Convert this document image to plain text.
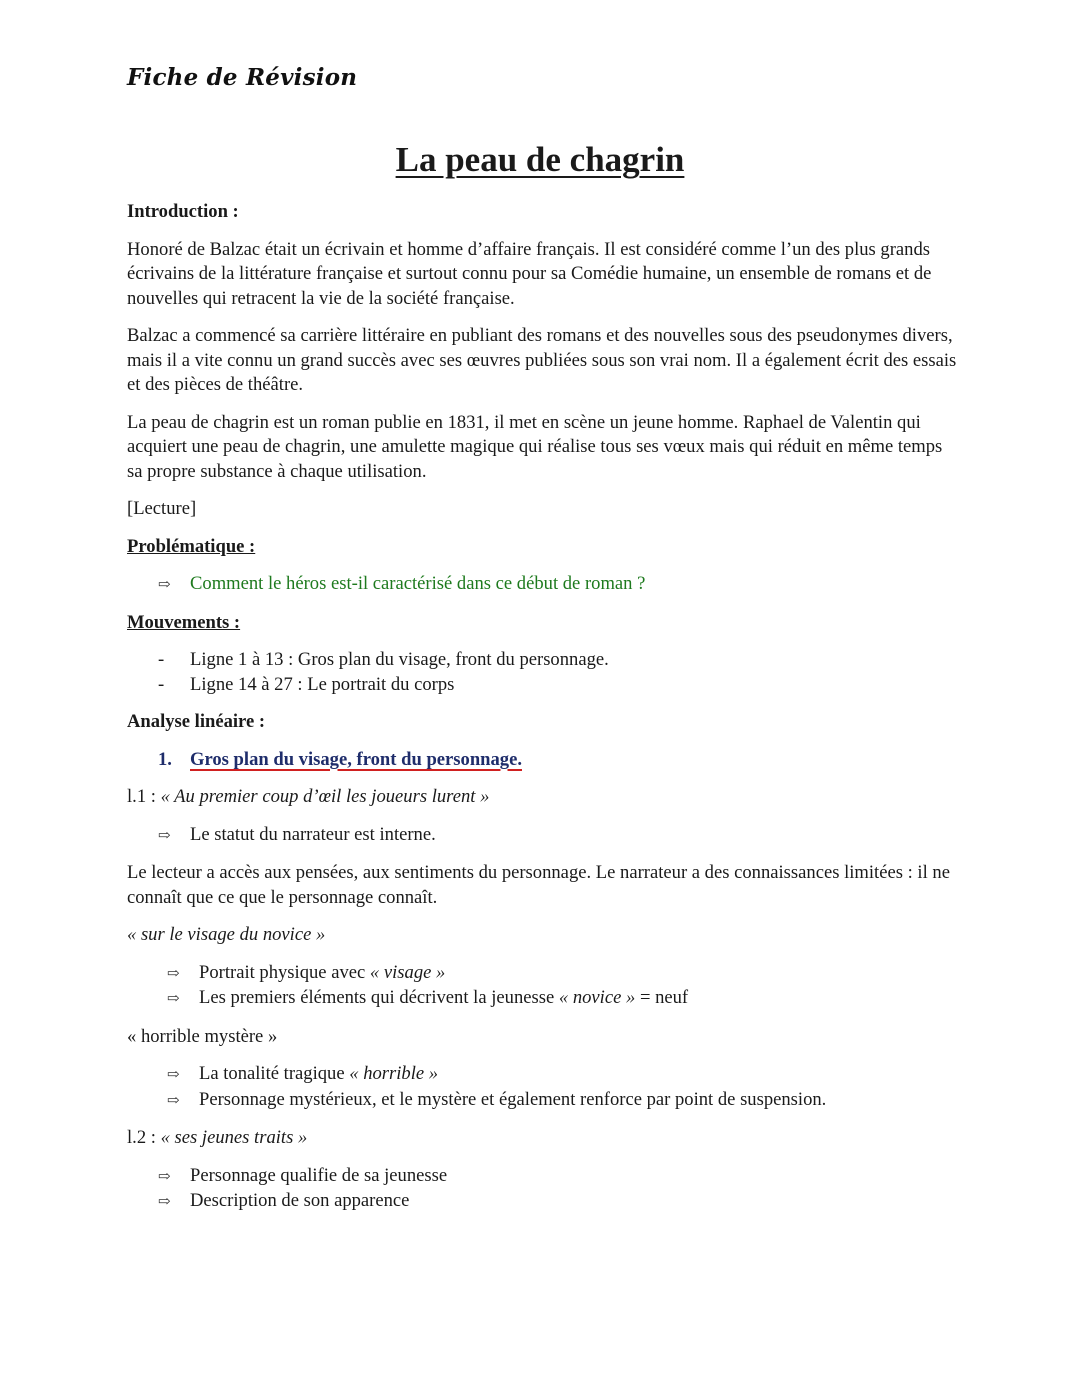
Fiche de Révision
La peau de chagrin
Introduction :

Honoré de Balzac était un écrivain et homme d’affaire français. Il est considéré comme l’un des plus grands écrivains de la littérature française et surtout connu pour sa Comédie humaine, un ensemble de romans et de nouvelles qui retracent la vie de la société française.

Balzac a commencé sa carrière littéraire en publiant des romans et des nouvelles sous des pseudonymes divers, mais il a vite connu un grand succès avec ses œuvres publiées sous son vrai nom. Il a également écrit des essais et des pièces de théâtre.

La peau de chagrin est un roman publie en 1831, il met en scène un jeune homme. Raphael de Valentin qui acquiert une peau de chagrin, une amulette magique qui réalise tous ses vœux mais qui réduit en même temps sa propre substance à chaque utilisation.

[Lecture]

Problématique :
⇨	Comment le héros est-il caractérisé dans ce début de roman ?
Mouvements :
-	Ligne 1 à 13 : Gros plan du visage, front du personnage.
-	Ligne 14 à 27 : Le portrait du corps
Analyse linéaire :
1. Gros plan du visage, front du personnage.
l.1 : « Au premier coup d’œil les joueurs lurent »
⇨	Le statut du narrateur est interne.

Le lecteur a accès aux pensées, aux sentiments du personnage. Le narrateur a des connaissances limitées : il ne connaît que ce que le personnage connaît.

« sur le visage du novice »
⇨	Portrait physique avec « visage »
⇨	Les premiers éléments qui décrivent la jeunesse « novice » = neuf
« horrible mystère »
⇨	La tonalité tragique « horrible »
⇨	Personnage mystérieux, et le mystère et également renforce par point de suspension.
l.2 : « ses jeunes traits »
⇨	Personnage qualifie de sa jeunesse
⇨	Description de son apparence
